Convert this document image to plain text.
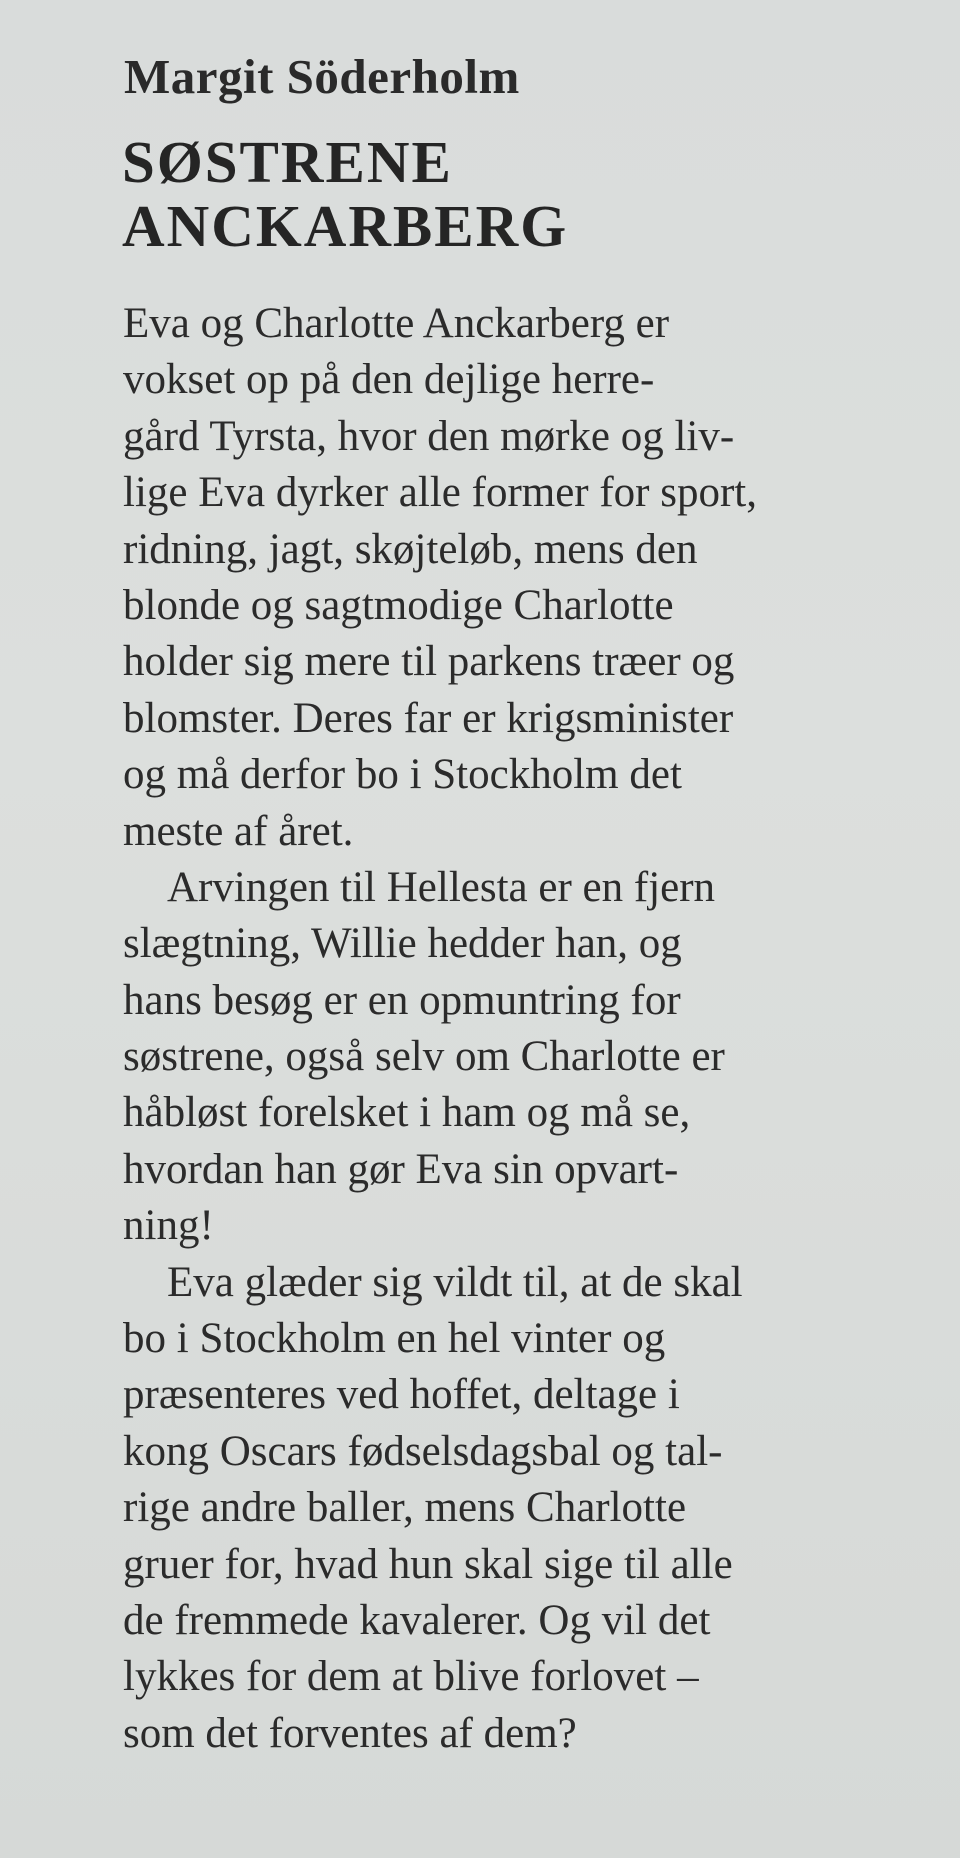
Margit Söderholm
SØSTRENE
ANCKARBERG
Eva og Charlotte Anckarberg er
vokset op på den dejlige herre-
gård Tyrsta, hvor den mørke og liv-
lige Eva dyrker alle former for sport,
ridning, jagt, skøjteløb, mens den
blonde og sagtmodige Charlotte
holder sig mere til parkens træer og
blomster. Deres far er krigsminister
og må derfor bo i Stockholm det
meste af året.
Arvingen til Hellesta er en fjern
slægtning, Willie hedder han, og
hans besøg er en opmuntring for
søstrene, også selv om Charlotte er
håbløst forelsket i ham og må se,
hvordan han gør Eva sin opvart-
ning!
Eva glæder sig vildt til, at de skal
bo i Stockholm en hel vinter og
præsenteres ved hoffet, deltage i
kong Oscars fødselsdagsbal og tal-
rige andre baller, mens Charlotte
gruer for, hvad hun skal sige til alle
de fremmede kavalerer. Og vil det
lykkes for dem at blive forlovet –
som det forventes af dem?
